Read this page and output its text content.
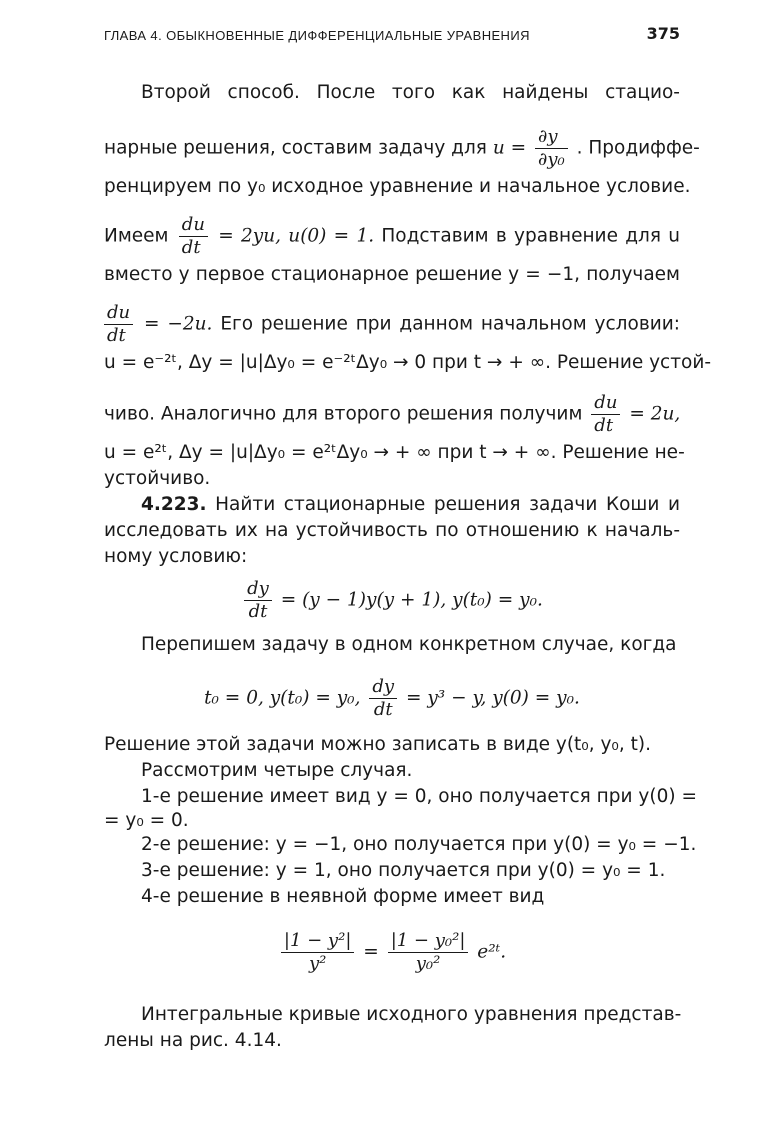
ГЛАВА 4. ОБЫКНОВЕННЫЕ ДИФФЕРЕНЦИАЛЬНЫЕ УРАВНЕНИЯ	375
Второй способ. После того как найдены стацио-
нарные решения, составим задачу для $u = \frac{\partial y}{\text{∂y₀}}$ . Продиффе-
ренцируем по y₀ исходное уравнение и начальное условие.
Имеем $\frac{du}{dt} = 2yu$, u(0) = 1. Подставим в уравнение для u
вместо y первое стационарное решение y = −1, получаем
$\frac{du}{dt} = -2u$. Его решение при данном начальном условии:
u = e⁻²ᵗ, Δy = |u|Δy₀ = e⁻²ᵗΔy₀ → 0 при t → + ∞. Решение устой-
чиво. Аналогично для второго решения получим $\frac{du}{dt} = 2u$,
u = e²ᵗ, Δy = |u|Δy₀ = e²ᵗΔy₀ → + ∞ при t → + ∞. Решение не-
устойчиво.
4.223. Найти стационарные решения задачи Коши и
исследовать их на устойчивость по отношению к началь-
ному условию:
$\frac{dy}{dt} = (y - 1)y(y + 1)$, y(t₀) = y₀.
Перепишем задачу в одном конкретном случае, когда
t₀ = 0, y(t₀) = y₀, $\frac{dy}{dt} = y^3 - y$, y(0) = y₀.
Решение этой задачи можно записать в виде y(t₀, y₀, t).
Рассмотрим четыре случая.
1-е решение имеет вид y = 0, оно получается при y(0) =
= y₀ = 0.
2-е решение: y = −1, оно получается при y(0) = y₀ = −1.
3-е решение: y = 1, оно получается при y(0) = y₀ = 1.
4-е решение в неявной форме имеет вид
$\frac{\text{|1 − y²|}}{\text{y²}} = \frac{\text{|1 − y₀²|}}{\text{y₀²}}$ e²ᵗ.
Интегральные кривые исходного уравнения представ-
лены на рис. 4.14.
